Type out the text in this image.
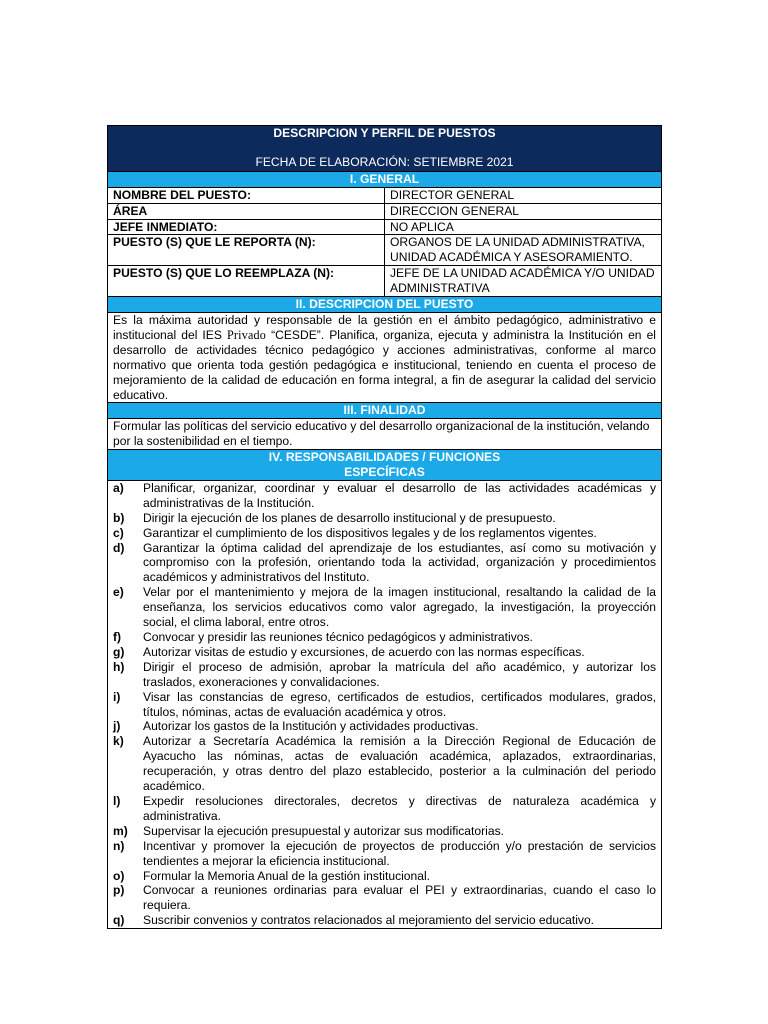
DESCRIPCION Y PERFIL DE PUESTOS
FECHA DE ELABORACIÓN: SETIEMBRE 2021

I. GENERAL
NOMBRE DEL PUESTO:	DIRECTOR GENERAL
ÁREA	DIRECCION GENERAL
JEFE INMEDIATO:	NO APLICA
PUESTO (S) QUE LE REPORTA (N):	ORGANOS DE LA UNIDAD ADMINISTRATIVA, UNIDAD ACADÉMICA Y ASESORAMIENTO.
PUESTO (S) QUE LO REEMPLAZA (N):	JEFE DE LA UNIDAD ACADÉMICA Y/O UNIDAD ADMINISTRATIVA
II. DESCRIPCION DEL PUESTO
Es la máxima autoridad y responsable de la gestión en el ámbito pedagógico, administrativo e institucional del IES Privado “CESDE”. Planifica, organiza, ejecuta y administra la Institución en el desarrollo de actividades técnico pedagógico y acciones administrativas, conforme al marco normativo que orienta toda gestión pedagógica e institucional, teniendo en cuenta el proceso de mejoramiento de la calidad de educación en forma integral, a fin de asegurar la calidad del servicio educativo.
III. FINALIDAD
Formular las políticas del servicio educativo y del desarrollo organizacional de la institución, velando por la sostenibilidad en el tiempo.

IV. RESPONSABILIDADES / FUNCIONES
ESPECÍFICAS

a)	Planificar, organizar, coordinar y evaluar el desarrollo de las actividades académicas y administrativas de la Institución.
b)	Dirigir la ejecución de los planes de desarrollo institucional y de presupuesto.
c)	Garantizar el cumplimiento de los dispositivos legales y de los reglamentos vigentes.
d)	Garantizar la óptima calidad del aprendizaje de los estudiantes, así como su motivación y compromiso con la profesión, orientando toda la actividad, organización y procedimientos académicos y administrativos del Instituto.
e)	Velar por el mantenimiento y mejora de la imagen institucional, resaltando la calidad de la enseñanza, los servicios educativos como valor agregado, la investigación, la proyección social, el clima laboral, entre otros.
f)	Convocar y presidir las reuniones técnico pedagógicos y administrativos.
g)	Autorizar visitas de estudio y excursiones, de acuerdo con las normas específicas.
h)	Dirigir el proceso de admisión, aprobar la matrícula del año académico, y autorizar los traslados, exoneraciones y convalidaciones.
i)	Visar las constancias de egreso, certificados de estudios, certificados modulares, grados, títulos, nóminas, actas de evaluación académica y otros.
j)	Autorizar los gastos de la Institución y actividades productivas.
k)	Autorizar a Secretaría Académica la remisión a la Dirección Regional de Educación de Ayacucho las nóminas, actas de evaluación académica, aplazados, extraordinarias, recuperación, y otras dentro del plazo establecido, posterior a la culminación del periodo académico.
l)	Expedir resoluciones directorales, decretos y directivas de naturaleza académica y administrativa.
m)	Supervisar la ejecución presupuestal y autorizar sus modificatorias.
n)	Incentivar y promover la ejecución de proyectos de producción y/o prestación de servicios tendientes a mejorar la eficiencia institucional.
o)	Formular la Memoria Anual de la gestión institucional.
p)	Convocar a reuniones ordinarias para evaluar el PEI y extraordinarias, cuando el caso lo requiera.
q)	Suscribir convenios y contratos relacionados al mejoramiento del servicio educativo.
